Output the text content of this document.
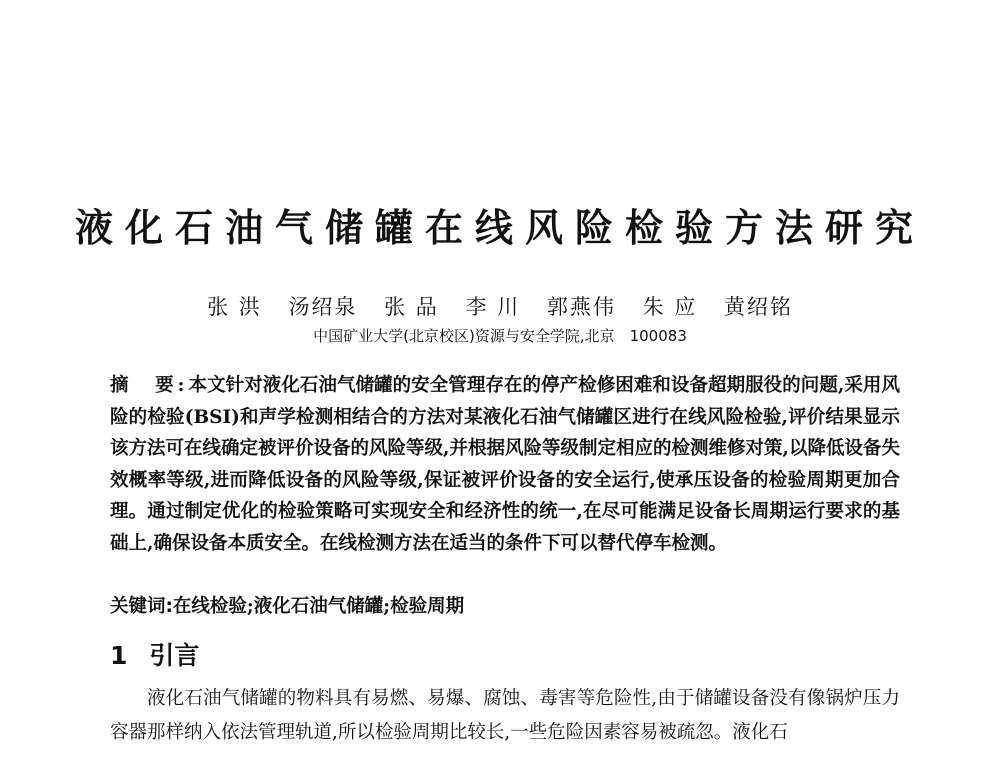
液化石油气储罐在线风险检验方法研究
张 洪 汤绍泉 张 品 李 川 郭燕伟 朱 应 黄绍铭
中国矿业大学(北京校区)资源与安全学院,北京　100083
摘　要:本文针对液化石油气储罐的安全管理存在的停产检修困难和设备超期服役的问题,采用风险的检验(BSI)和声学检测相结合的方法对某液化石油气储罐区进行在线风险检验,评价结果显示该方法可在线确定被评价设备的风险等级,并根据风险等级制定相应的检测维修对策,以降低设备失效概率等级,进而降低设备的风险等级,保证被评价设备的安全运行,使承压设备的检验周期更加合理。通过制定优化的检验策略可实现安全和经济性的统一,在尽可能满足设备长周期运行要求的基础上,确保设备本质安全。在线检测方法在适当的条件下可以替代停车检测。
关键词:在线检验;液化石油气储罐;检验周期
1 引言
液化石油气储罐的物料具有易燃、易爆、腐蚀、毒害等危险性,由于储罐设备没有像锅炉压力容器那样纳入依法管理轨道,所以检验周期比较长,一些危险因素容易被疏忽。液化石
